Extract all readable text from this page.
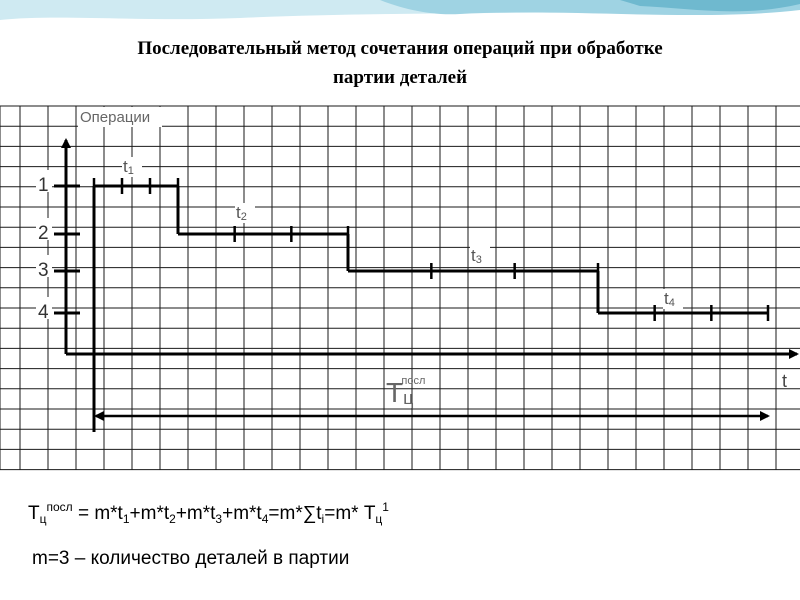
Последовательный метод сочетания операций при обработке
партии деталей
Операции
t
1
2
3
4
t1
t2
t3
t4
Тцпосл
$Т_ц^{посл} = m*t_1+m*t_2+m*t_3+m*t_4=m*\sum t_i=m*$ $Т_ц^1$
m=3 – количество деталей в партии
